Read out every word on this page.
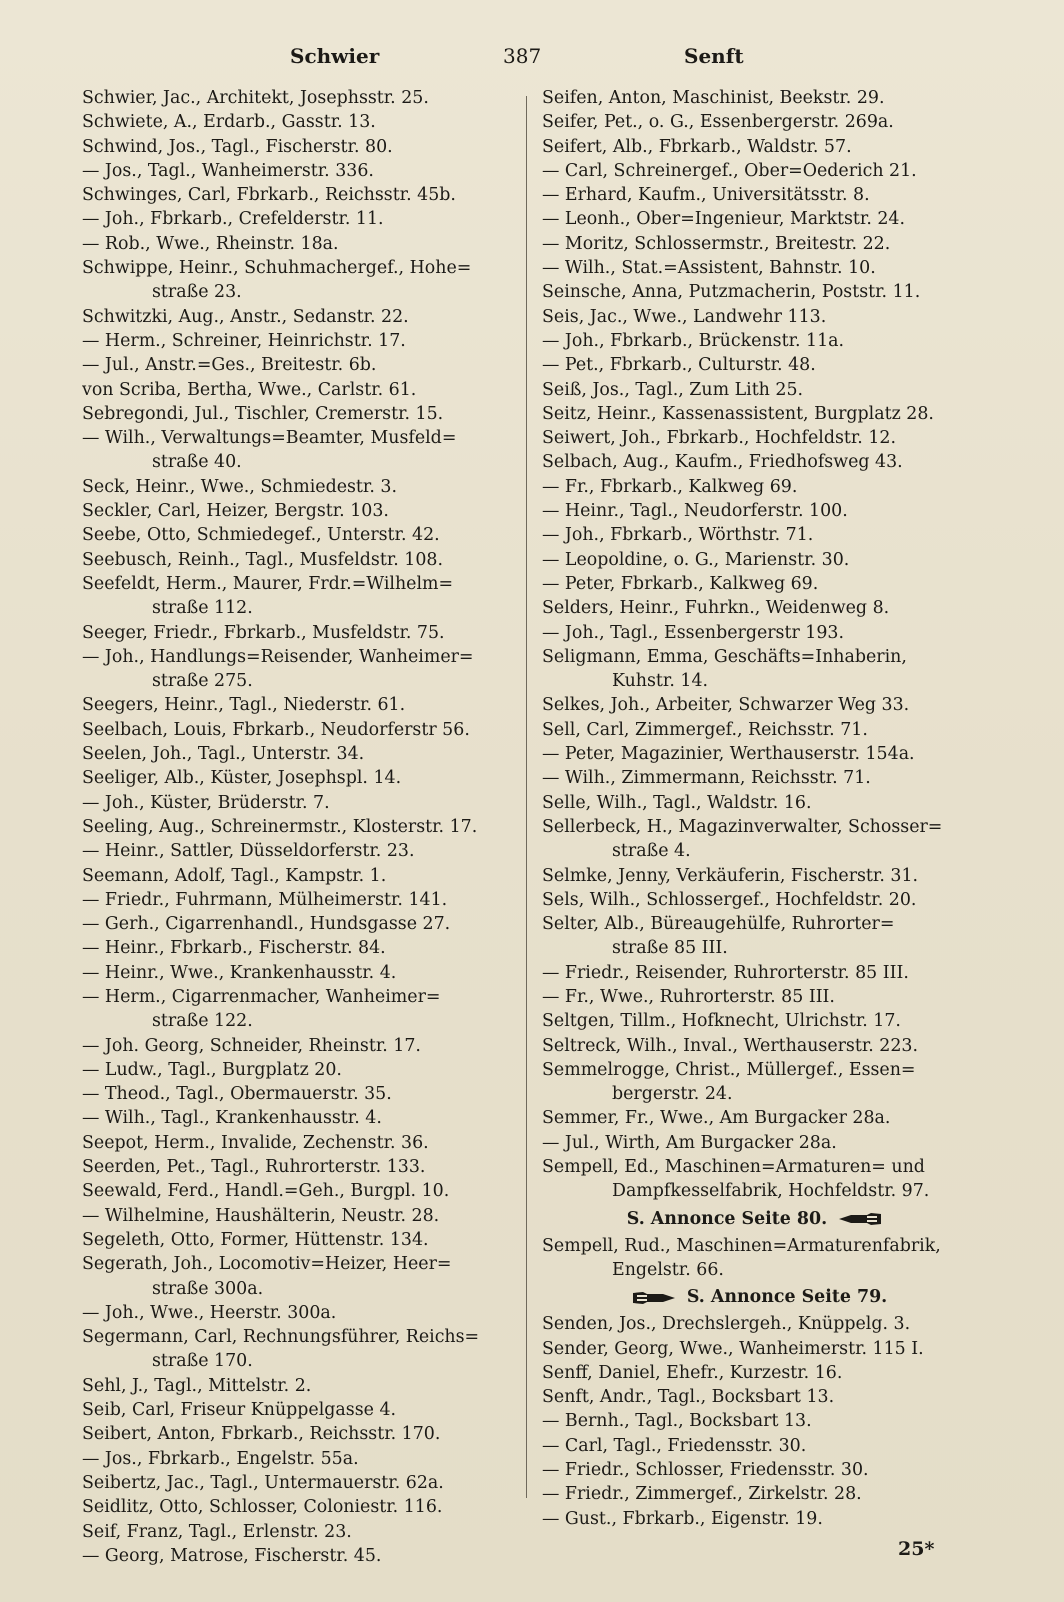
Schwier	387	Senft
Schwier, Jac., Architekt, Josephsstr. 25.
Schwiete, A., Erdarb., Gasstr. 13.
Schwind, Jos., Tagl., Fischerstr. 80.
— Jos., Tagl., Wanheimerstr. 336.
Schwinges, Carl, Fbrkarb., Reichsstr. 45b.
— Joh., Fbrkarb., Crefelderstr. 11.
— Rob., Wwe., Rheinstr. 18a.
Schwippe, Heinr., Schuhmachergef., Hohe=
straße 23.
Schwitzki, Aug., Anstr., Sedanstr. 22.
— Herm., Schreiner, Heinrichstr. 17.
— Jul., Anstr.=Ges., Breitestr. 6b.
von Scriba, Bertha, Wwe., Carlstr. 61.
Sebregondi, Jul., Tischler, Cremerstr. 15.
— Wilh., Verwaltungs=Beamter, Musfeld=
straße 40.
Seck, Heinr., Wwe., Schmiedestr. 3.
Seckler, Carl, Heizer, Bergstr. 103.
Seebe, Otto, Schmiedegef., Unterstr. 42.
Seebusch, Reinh., Tagl., Musfeldstr. 108.
Seefeldt, Herm., Maurer, Frdr.=Wilhelm=
straße 112.
Seeger, Friedr., Fbrkarb., Musfeldstr. 75.
— Joh., Handlungs=Reisender, Wanheimer=
straße 275.
Seegers, Heinr., Tagl., Niederstr. 61.
Seelbach, Louis, Fbrkarb., Neudorferstr 56.
Seelen, Joh., Tagl., Unterstr. 34.
Seeliger, Alb., Küster, Josephspl. 14.
— Joh., Küster, Brüderstr. 7.
Seeling, Aug., Schreinermstr., Klosterstr. 17.
— Heinr., Sattler, Düsseldorferstr. 23.
Seemann, Adolf, Tagl., Kampstr. 1.
— Friedr., Fuhrmann, Mülheimerstr. 141.
— Gerh., Cigarrenhandl., Hundsgasse 27.
— Heinr., Fbrkarb., Fischerstr. 84.
— Heinr., Wwe., Krankenhausstr. 4.
— Herm., Cigarrenmacher, Wanheimer=
straße 122.
— Joh. Georg, Schneider, Rheinstr. 17.
— Ludw., Tagl., Burgplatz 20.
— Theod., Tagl., Obermauerstr. 35.
— Wilh., Tagl., Krankenhausstr. 4.
Seepot, Herm., Invalide, Zechenstr. 36.
Seerden, Pet., Tagl., Ruhrorterstr. 133.
Seewald, Ferd., Handl.=Geh., Burgpl. 10.
— Wilhelmine, Haushälterin, Neustr. 28.
Segeleth, Otto, Former, Hüttenstr. 134.
Segerath, Joh., Locomotiv=Heizer, Heer=
straße 300a.
— Joh., Wwe., Heerstr. 300a.
Segermann, Carl, Rechnungsführer, Reichs=
straße 170.
Sehl, J., Tagl., Mittelstr. 2.
Seib, Carl, Friseur Knüppelgasse 4.
Seibert, Anton, Fbrkarb., Reichsstr. 170.
— Jos., Fbrkarb., Engelstr. 55a.
Seibertz, Jac., Tagl., Untermauerstr. 62a.
Seidlitz, Otto, Schlosser, Coloniestr. 116.
Seif, Franz, Tagl., Erlenstr. 23.
— Georg, Matrose, Fischerstr. 45.
Seifen, Anton, Maschinist, Beekstr. 29.
Seifer, Pet., o. G., Essenbergerstr. 269a.
Seifert, Alb., Fbrkarb., Waldstr. 57.
— Carl, Schreinergef., Ober=Oederich 21.
— Erhard, Kaufm., Universitätsstr. 8.
— Leonh., Ober=Ingenieur, Marktstr. 24.
— Moritz, Schlossermstr., Breitestr. 22.
— Wilh., Stat.=Assistent, Bahnstr. 10.
Seinsche, Anna, Putzmacherin, Poststr. 11.
Seis, Jac., Wwe., Landwehr 113.
— Joh., Fbrkarb., Brückenstr. 11a.
— Pet., Fbrkarb., Culturstr. 48.
Seiß, Jos., Tagl., Zum Lith 25.
Seitz, Heinr., Kassenassistent, Burgplatz 28.
Seiwert, Joh., Fbrkarb., Hochfeldstr. 12.
Selbach, Aug., Kaufm., Friedhofsweg 43.
— Fr., Fbrkarb., Kalkweg 69.
— Heinr., Tagl., Neudorferstr. 100.
— Joh., Fbrkarb., Wörthstr. 71.
— Leopoldine, o. G., Marienstr. 30.
— Peter, Fbrkarb., Kalkweg 69.
Selders, Heinr., Fuhrkn., Weidenweg 8.
— Joh., Tagl., Essenbergerstr 193.
Seligmann, Emma, Geschäfts=Inhaberin,
Kuhstr. 14.
Selkes, Joh., Arbeiter, Schwarzer Weg 33.
Sell, Carl, Zimmergef., Reichsstr. 71.
— Peter, Magazinier, Werthauserstr. 154a.
— Wilh., Zimmermann, Reichsstr. 71.
Selle, Wilh., Tagl., Waldstr. 16.
Sellerbeck, H., Magazinverwalter, Schosser=
straße 4.
Selmke, Jenny, Verkäuferin, Fischerstr. 31.
Sels, Wilh., Schlossergef., Hochfeldstr. 20.
Selter, Alb., Büreaugehülfe, Ruhrorter=
straße 85 III.
— Friedr., Reisender, Ruhrorterstr. 85 III.
— Fr., Wwe., Ruhrorterstr. 85 III.
Seltgen, Tillm., Hofknecht, Ulrichstr. 17.
Seltreck, Wilh., Inval., Werthauserstr. 223.
Semmelrogge, Christ., Müllergef., Essen=
bergerstr. 24.
Semmer, Fr., Wwe., Am Burgacker 28a.
— Jul., Wirth, Am Burgacker 28a.
Sempell, Ed., Maschinen=Armaturen= und
Dampfkesselfabrik, Hochfeldstr. 97.
S. Annonce Seite 80.
Sempell, Rud., Maschinen=Armaturenfabrik,
Engelstr. 66.
S. Annonce Seite 79.
Senden, Jos., Drechslergeh., Knüppelg. 3.
Sender, Georg, Wwe., Wanheimerstr. 115 I.
Senff, Daniel, Ehefr., Kurzestr. 16.
Senft, Andr., Tagl., Bocksbart 13.
— Bernh., Tagl., Bocksbart 13.
— Carl, Tagl., Friedensstr. 30.
— Friedr., Schlosser, Friedensstr. 30.
— Friedr., Zimmergef., Zirkelstr. 28.
— Gust., Fbrkarb., Eigenstr. 19.
25*
